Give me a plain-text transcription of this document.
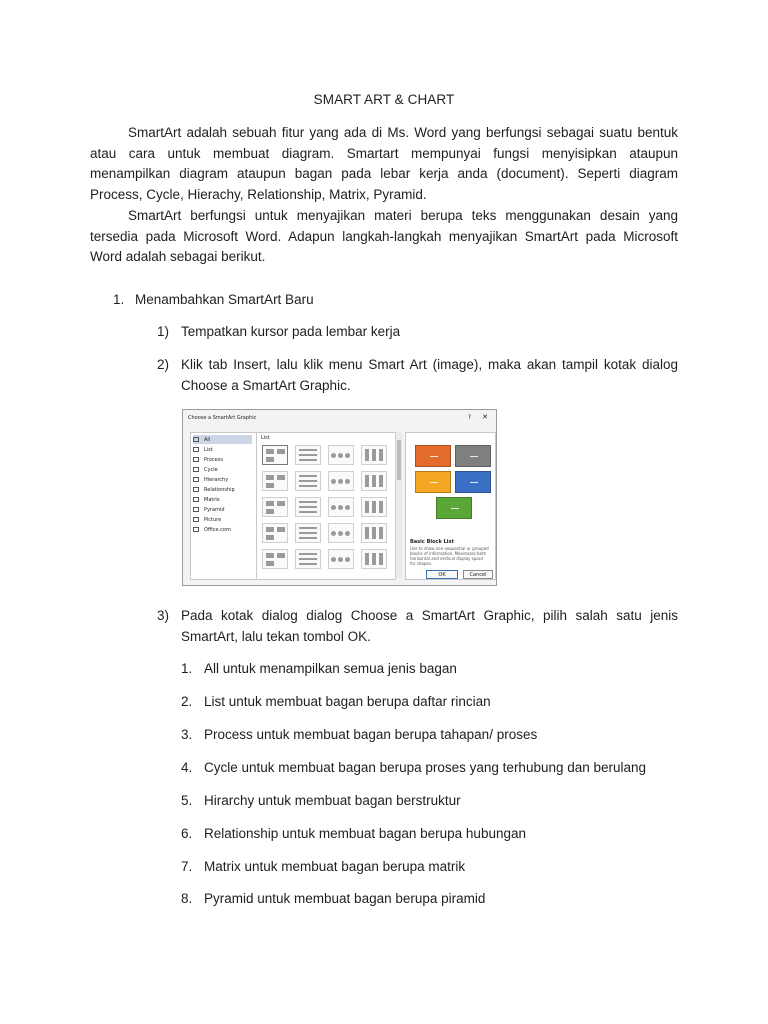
SMART ART & CHART

SmartArt adalah sebuah fitur yang ada di Ms. Word yang berfungsi sebagai suatu bentuk atau cara untuk membuat diagram. Smartart mempunyai fungsi menyisipkan ataupun menampilkan diagram ataupun bagan pada lebar kerja anda (document). Seperti diagram Process, Cycle, Hierachy, Relationship, Matrix, Pyramid.

SmartArt berfungsi untuk menyajikan materi berupa teks menggunakan desain yang tersedia pada Microsoft Word. Adapun langkah-langkah menyajikan SmartArt pada Microsoft Word adalah sebagai berikut.

1. Menambahkan SmartArt Baru
1) Tempatkan kursor pada lembar kerja
2) Klik tab Insert, lalu klik menu Smart Art (image), maka akan tampil kotak dialog Choose a SmartArt Graphic.
Choose a SmartArt Graphic	? ✕
All
List
Process
Cycle
Hierarchy
Relationship
Matrix
Pyramid
Picture
Office.com
List
Basic Block List
Use to show non-sequential or grouped blocks of information. Maximizes both horizontal and vertical display space for shapes.
OK	Cancel
3) Pada kotak dialog dialog Choose a SmartArt Graphic, pilih salah satu jenis SmartArt, lalu tekan tombol OK.
1. All untuk menampilkan semua jenis bagan
2. List untuk membuat bagan berupa daftar rincian
3. Process untuk membuat bagan berupa tahapan/ proses
4. Cycle untuk membuat bagan berupa proses yang terhubung dan berulang
5. Hirarchy untuk membuat bagan berstruktur
6. Relationship untuk membuat bagan berupa hubungan
7. Matrix untuk membuat bagan berupa matrik
8. Pyramid untuk membuat bagan berupa piramid
